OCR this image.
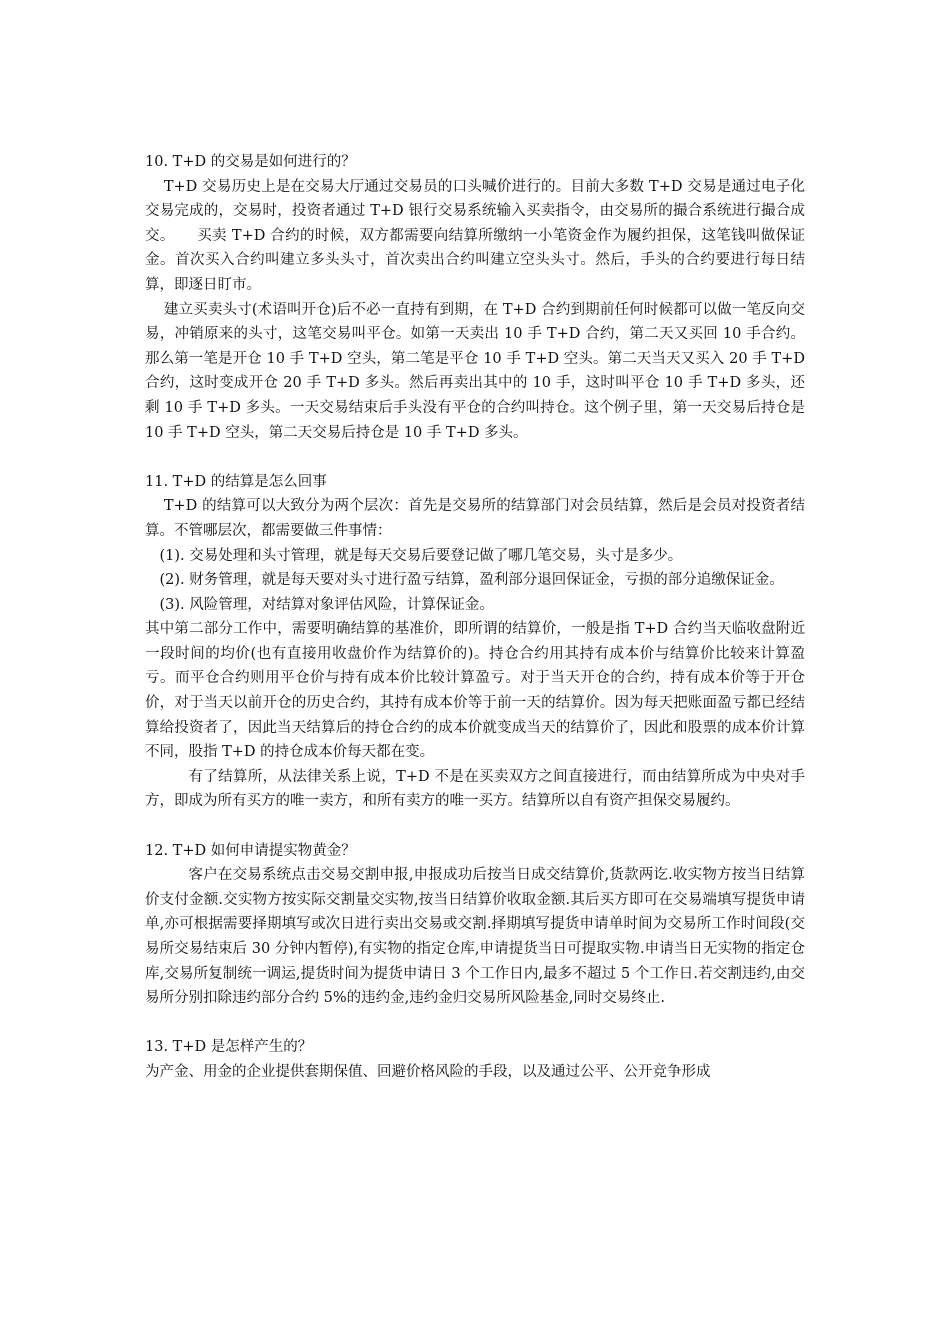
10. T+D 的交易是如何进行的？

T+D 交易历史上是在交易大厅通过交易员的口头喊价进行的。目前大多数 T+D 交易是通过电子化交易完成的，交易时，投资者通过 T+D 银行交易系统输入买卖指令，由交易所的撮合系统进行撮合成交。　　买卖 T+D 合约的时候，双方都需要向结算所缴纳一小笔资金作为履约担保，这笔钱叫做保证金。首次买入合约叫建立多头头寸，首次卖出合约叫建立空头头寸。然后，手头的合约要进行每日结算，即逐日盯市。

建立买卖头寸(术语叫开仓)后不必一直持有到期，在 T+D 合约到期前任何时候都可以做一笔反向交易，冲销原来的头寸，这笔交易叫平仓。如第一天卖出 10 手 T+D 合约，第二天又买回 10 手合约。那么第一笔是开仓 10 手 T+D 空头，第二笔是平仓 10 手 T+D 空头。第二天当天又买入 20 手 T+D 合约，这时变成开仓 20 手 T+D 多头。然后再卖出其中的 10 手，这时叫平仓 10 手 T+D 多头，还剩 10 手 T+D 多头。一天交易结束后手头没有平仓的合约叫持仓。这个例子里，第一天交易后持仓是 10 手 T+D 空头，第二天交易后持仓是 10 手 T+D 多头。

11. T+D 的结算是怎么回事

T+D 的结算可以大致分为两个层次：首先是交易所的结算部门对会员结算，然后是会员对投资者结算。不管哪层次，都需要做三件事情：

(1). 交易处理和头寸管理，就是每天交易后要登记做了哪几笔交易，头寸是多少。

(2). 财务管理，就是每天要对头寸进行盈亏结算，盈利部分退回保证金，亏损的部分追缴保证金。

(3). 风险管理，对结算对象评估风险，计算保证金。

其中第二部分工作中，需要明确结算的基准价，即所谓的结算价，一般是指 T+D 合约当天临收盘附近一段时间的均价(也有直接用收盘价作为结算价的)。持仓合约用其持有成本价与结算价比较来计算盈亏。而平仓合约则用平仓价与持有成本价比较计算盈亏。对于当天开仓的合约，持有成本价等于开仓价，对于当天以前开仓的历史合约，其持有成本价等于前一天的结算价。因为每天把账面盈亏都已经结算给投资者了，因此当天结算后的持仓合约的成本价就变成当天的结算价了，因此和股票的成本价计算不同，股指 T+D 的持仓成本价每天都在变。

有了结算所，从法律关系上说，T+D 不是在买卖双方之间直接进行，而由结算所成为中央对手方，即成为所有买方的唯一卖方，和所有卖方的唯一买方。结算所以自有资产担保交易履约。

12. T+D 如何申请提实物黄金？

客户在交易系统点击交易交割申报,申报成功后按当日成交结算价,货款两讫.收实物方按当日结算价支付金额.交实物方按实际交割量交实物,按当日结算价收取金额.其后买方即可在交易端填写提货申请单,亦可根据需要择期填写或次日进行卖出交易或交割.择期填写提货申请单时间为交易所工作时间段(交易所交易结束后 30 分钟内暂停),有实物的指定仓库,申请提货当日可提取实物.申请当日无实物的指定仓库,交易所复制统一调运,提货时间为提货申请日 3 个工作日内,最多不超过 5 个工作日.若交割违约,由交易所分别扣除违约部分合约 5%的违约金,违约金归交易所风险基金,同时交易终止.

13. T+D 是怎样产生的？

为产金、用金的企业提供套期保值、回避价格风险的手段，以及通过公平、公开竞争形成
